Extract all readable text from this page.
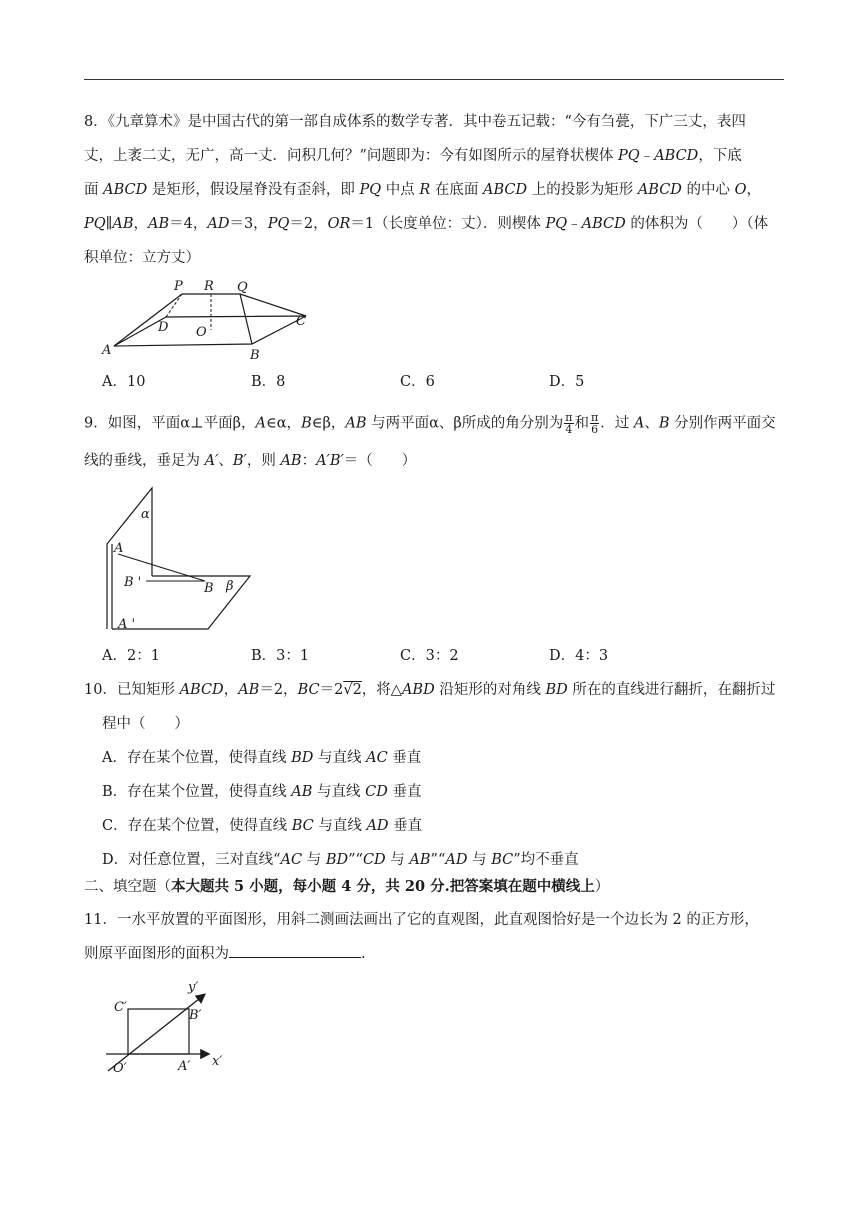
8．《九章算术》是中国古代的第一部自成体系的数学专著．其中卷五记载：“今有刍甍，下广三丈，表四
丈，上袤二丈，无广，高一丈．问积几何？”问题即为：今有如图所示的屋脊状楔体 PQ﹣ABCD，下底
面 ABCD 是矩形，假设屋脊没有歪斜，即 PQ 中点 R 在底面 ABCD 上的投影为矩形 ABCD 的中心 O，
PQ∥AB，AB＝4，AD＝3，PQ＝2，OR＝1（长度单位：丈）．则楔体 PQ﹣ABCD 的体积为（　　）（体
积单位：立方丈）
P R Q
D O
C
A	B
A．10	B．8	C．6	D．5
9．如图，平面α⊥平面β，A∈α，B∈β，AB 与两平面α、β所成的角分别为 $\frac{\pi}{4}$ 和 $\frac{\pi}{6}$ ．过 A、B 分别作两平面交
线的垂线，垂足为 A′、B′，则 AB：A′B′＝（　　）
α
A
B '	B β
A '
A．2：1	B．3：1	C．3：2	D．4：3
10．已知矩形 ABCD，AB＝2，BC＝2√2，将△ABD 沿矩形的对角线 BD 所在的直线进行翻折，在翻折过
程中（　　）
A．存在某个位置，使得直线 BD 与直线 AC 垂直
B．存在某个位置，使得直线 AB 与直线 CD 垂直
C．存在某个位置，使得直线 BC 与直线 AD 垂直
D．对任意位置，三对直线“AC 与 BD”“CD 与 AB”“AD 与 BC”均不垂直
二、填空题（本大题共 5 小题，每小题 4 分，共 20 分.把答案填在题中横线上）
11．一水平放置的平面图形，用斜二测画法画出了它的直观图，此直观图恰好是一个边长为 2 的正方形，
则原平面图形的面积为	.
y′
C′
B′
O′	A′ x′
